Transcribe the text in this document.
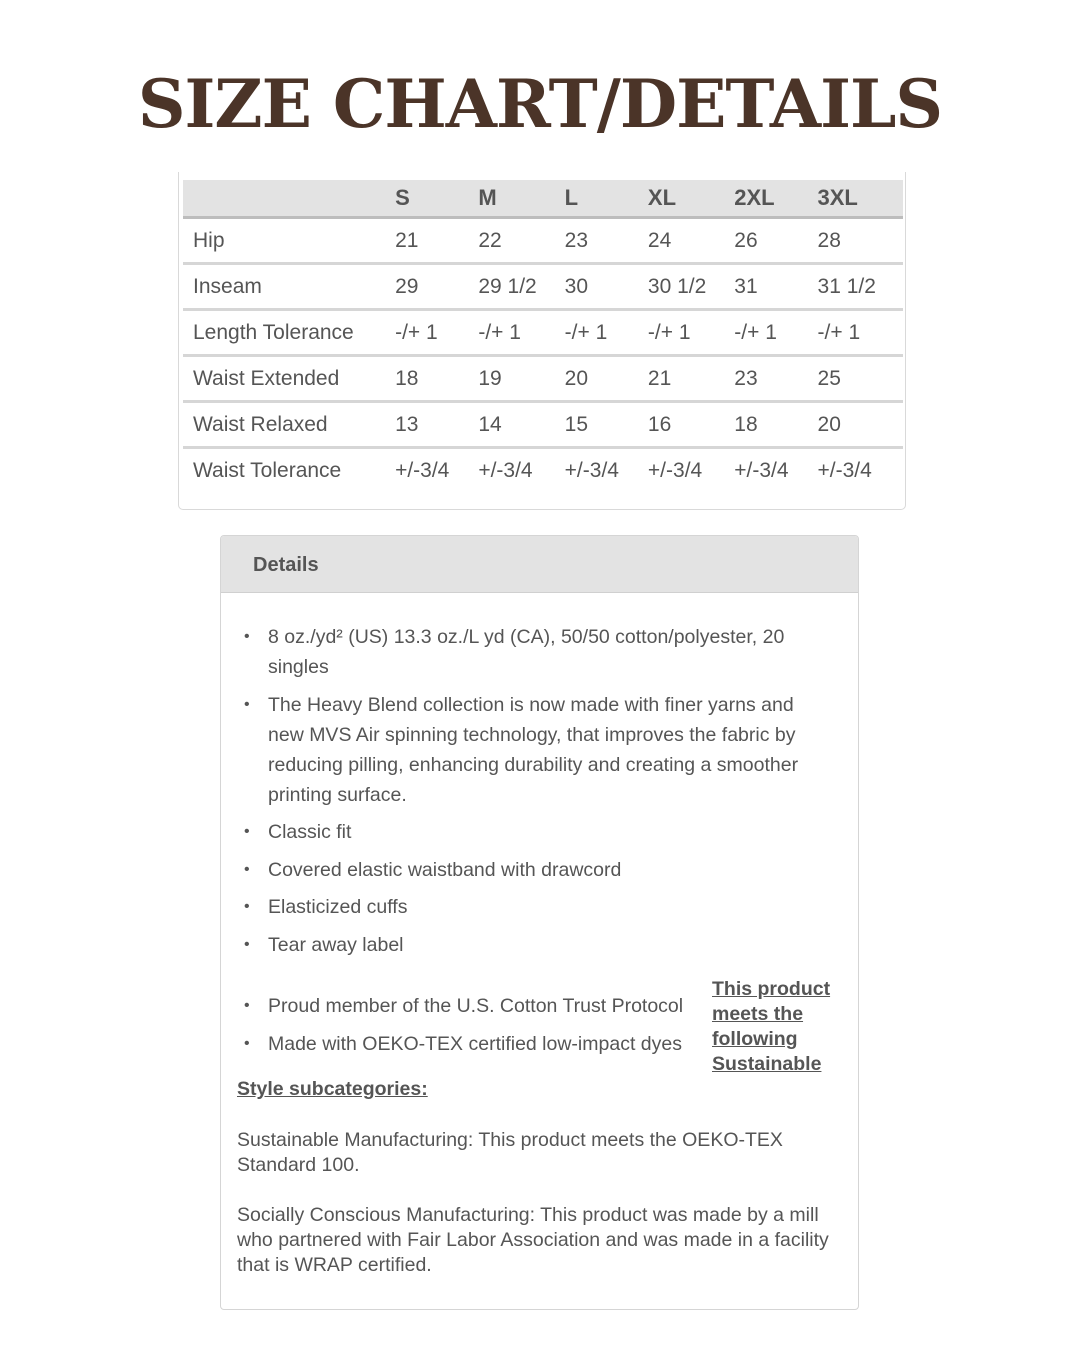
SIZE CHART/DETAILS
	S	M	L	XL	2XL	3XL
Hip	21	22	23	24	26	28
Inseam	29	29 1/2	30	30 1/2	31	31 1/2
Length Tolerance	-/+ 1	-/+ 1	-/+ 1	-/+ 1	-/+ 1	-/+ 1
Waist Extended	18	19	20	21	23	25
Waist Relaxed	13	14	15	16	18	20
Waist Tolerance	+/-3/4	+/-3/4	+/-3/4	+/-3/4	+/-3/4	+/-3/4
Details
• 8 oz./yd² (US) 13.3 oz./L yd (CA), 50/50 cotton/polyester, 20 singles
• The Heavy Blend collection is now made with finer yarns and new MVS Air spinning technology, that improves the fabric by reducing pilling, enhancing durability and creating a smoother printing surface.
• Classic fit
• Covered elastic waistband with drawcord
• Elasticized cuffs
• Tear away label
• Proud member of the U.S. Cotton Trust Protocol
• Made with OEKO-TEX certified low-impact dyes
This product meets the following Sustainable
Style subcategories:
Sustainable Manufacturing: This product meets the OEKO-TEX Standard 100.
Socially Conscious Manufacturing: This product was made by a mill who partnered with Fair Labor Association and was made in a facility that is WRAP certified.
